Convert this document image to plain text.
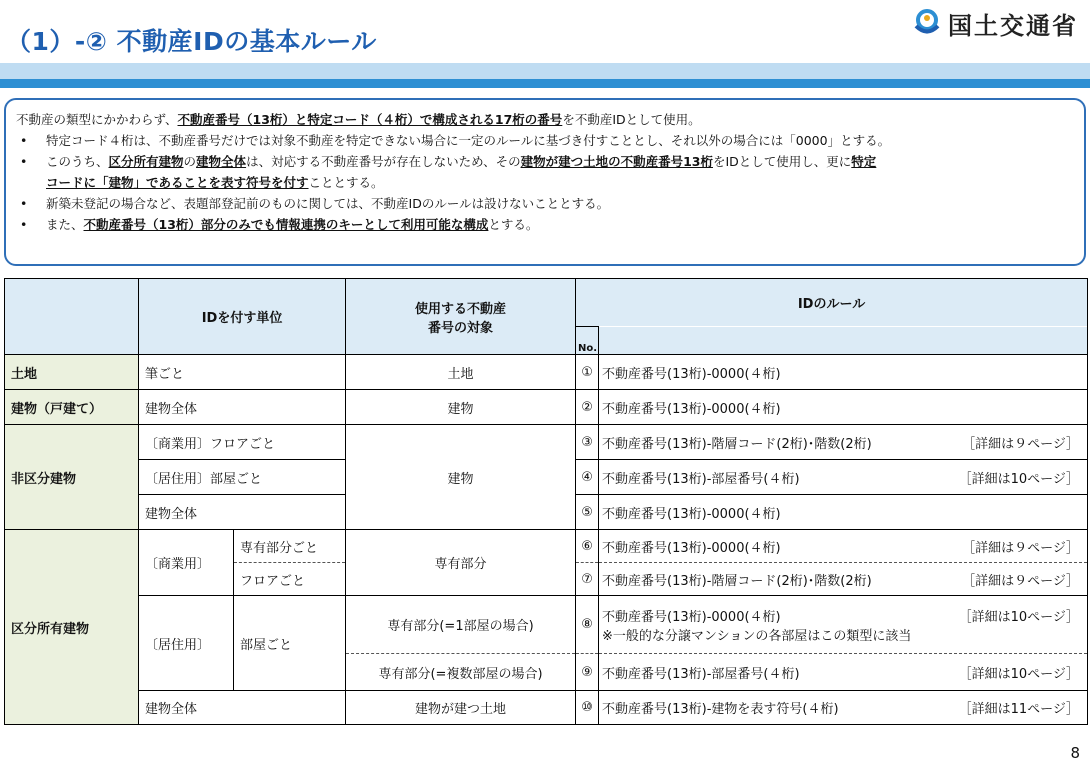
（1）-② 不動産IDの基本ルール
国土交通省

不動産の類型にかかわらず、不動産番号（13桁）と特定コード（４桁）で構成される17桁の番号を不動産IDとして使用。

• 特定コード４桁は、不動産番号だけでは対象不動産を特定できない場合に一定のルールに基づき付すこととし、それ以外の場合には「0000」とする。

• このうち、区分所有建物の建物全体は、対応する不動産番号が存在しないため、その建物が建つ土地の不動産番号13桁をIDとして使用し、更に特定

コードに「建物」であることを表す符号を付すこととする。

• 新築未登記の場合など、表題部登記前のものに関しては、不動産IDのルールは設けないこととする。

• また、不動産番号（13桁）部分のみでも情報連携のキーとして利用可能な構成とする。

	IDを付す単位		使用する不動産
番号の対象	IDのルール	
				No.	
土地	筆ごと		土地	①	不動産番号(13桁)-0000(４桁)
建物（戸建て）	建物全体		建物	②	不動産番号(13桁)-0000(４桁)
非区分建物	〔商業用〕フロアごと		建物	③	不動産番号(13桁)-階層コード(2桁)･階数(2桁) ［詳細は９ページ］

	〔居住用〕部屋ごと			④	不動産番号(13桁)-部屋番号(４桁) ［詳細は10ページ］

	建物全体			⑤	不動産番号(13桁)-0000(４桁)
区分所有建物	〔商業用〕	専有部分ごと	専有部分	⑥	不動産番号(13桁)-0000(４桁) ［詳細は９ページ］

		フロアごと		⑦	不動産番号(13桁)-階層コード(2桁)･階数(2桁) ［詳細は９ページ］

	〔居住用〕	部屋ごと	専有部分(=1部屋の場合)	⑧	不動産番号(13桁)-0000(４桁) ［詳細は10ページ］
※一般的な分譲マンションの各部屋はこの類型に該当

			専有部分(=複数部屋の場合)	⑨	不動産番号(13桁)-部屋番号(４桁) ［詳細は10ページ］

	建物全体		建物が建つ土地	⑩	不動産番号(13桁)-建物を表す符号(４桁) ［詳細は11ページ］
8
